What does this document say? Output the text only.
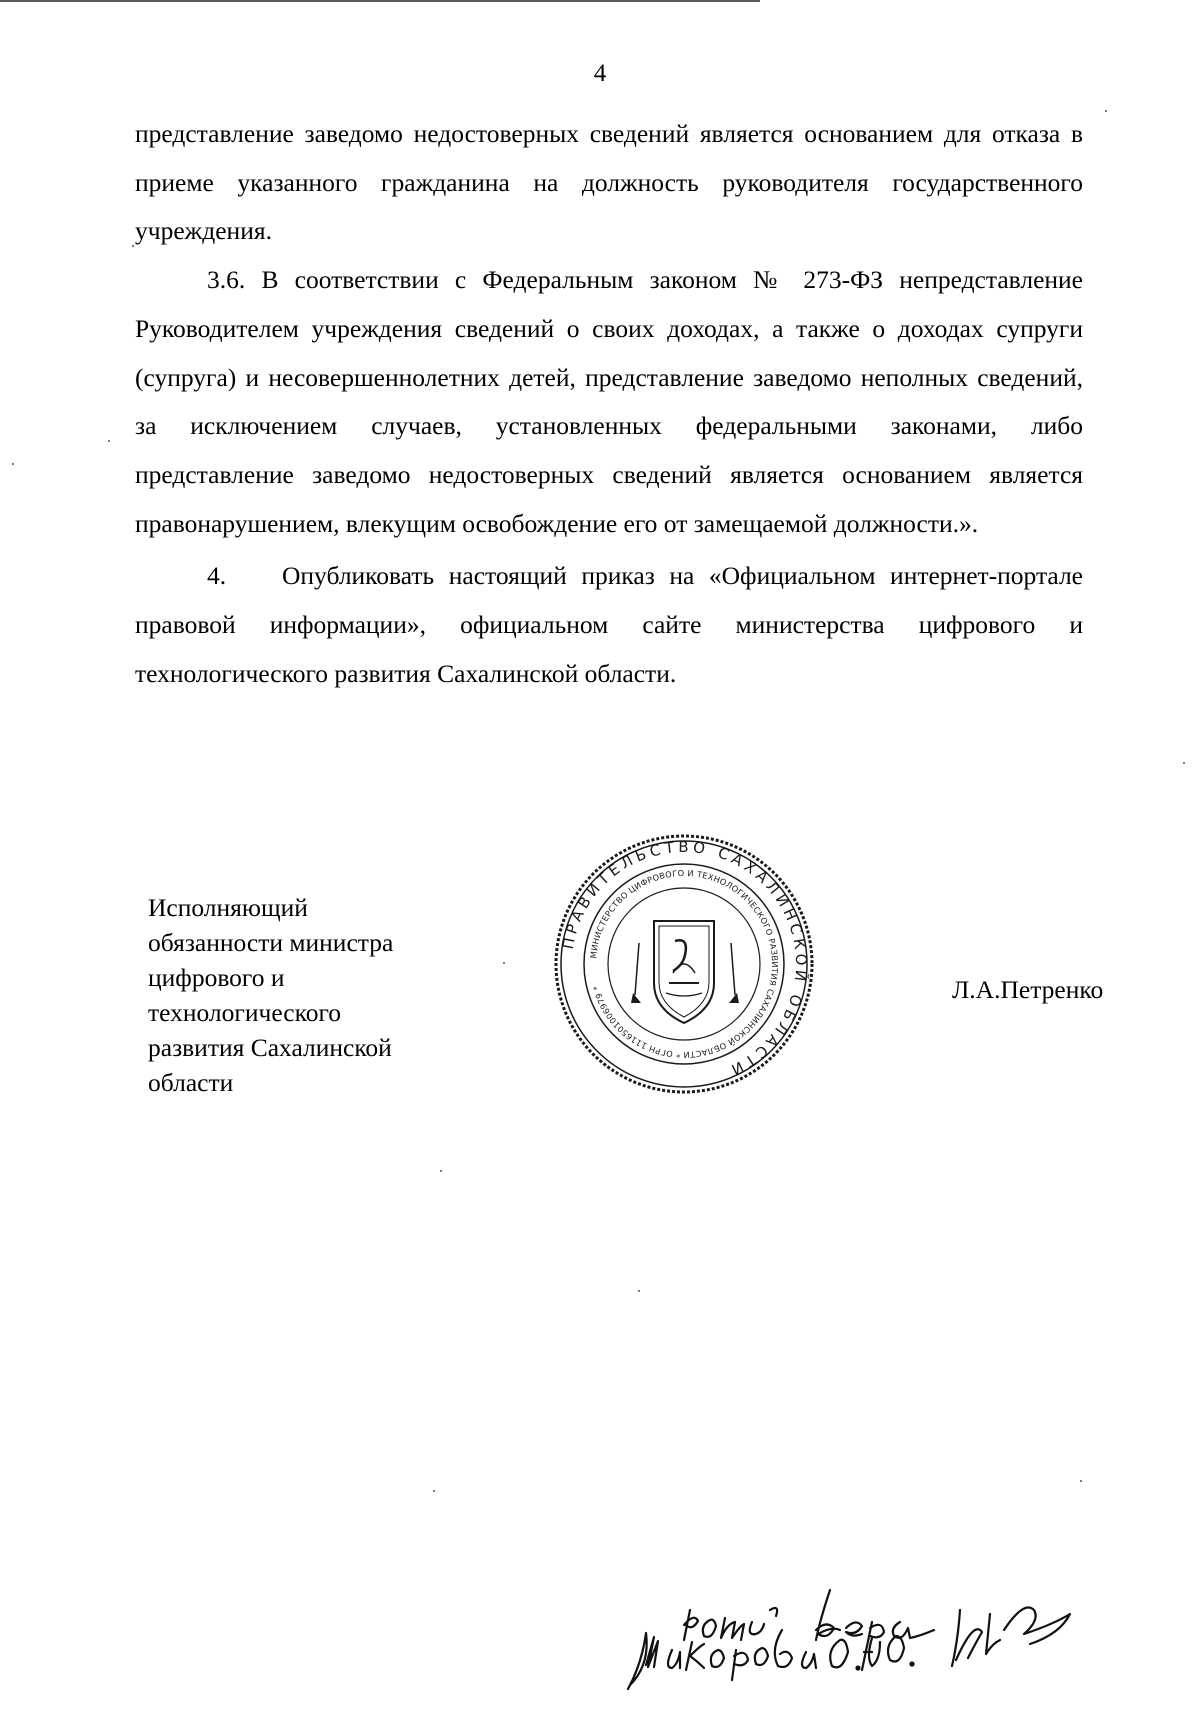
4

представление заведомо недостоверных сведений является основанием для отказа в приеме указанного гражданина на должность руководителя государственного учреждения.

3.6. В соответствии с Федеральным законом № 273-ФЗ непредставление Руководителем учреждения сведений о своих доходах, а также о доходах супруги (супруга) и несовершеннолетних детей, представление заведомо неполных сведений, за исключением случаев, установленных федеральными законами, либо представление заведомо недостоверных сведений является основанием является правонарушением, влекущим освобождение его от замещаемой должности.».

4. Опубликовать настоящий приказ на «Официальном интернет-портале правовой информации», официальном сайте министерства цифрового и технологического развития Сахалинской области.

Исполняющий
обязанности министра
цифрового и
технологического
развития Сахалинской
области
ПРАВИТЕЛЬСТВО САХАЛИНСКОЙ ОБЛАСТИ
МИНИСТЕРСТВО ЦИФРОВОГО И ТЕХНОЛОГИЧЕСКОГО РАЗВИТИЯ САХАЛИНСКОЙ ОБЛАСТИ * ОГРН 1116501006979 *	Л.А.Петренко
